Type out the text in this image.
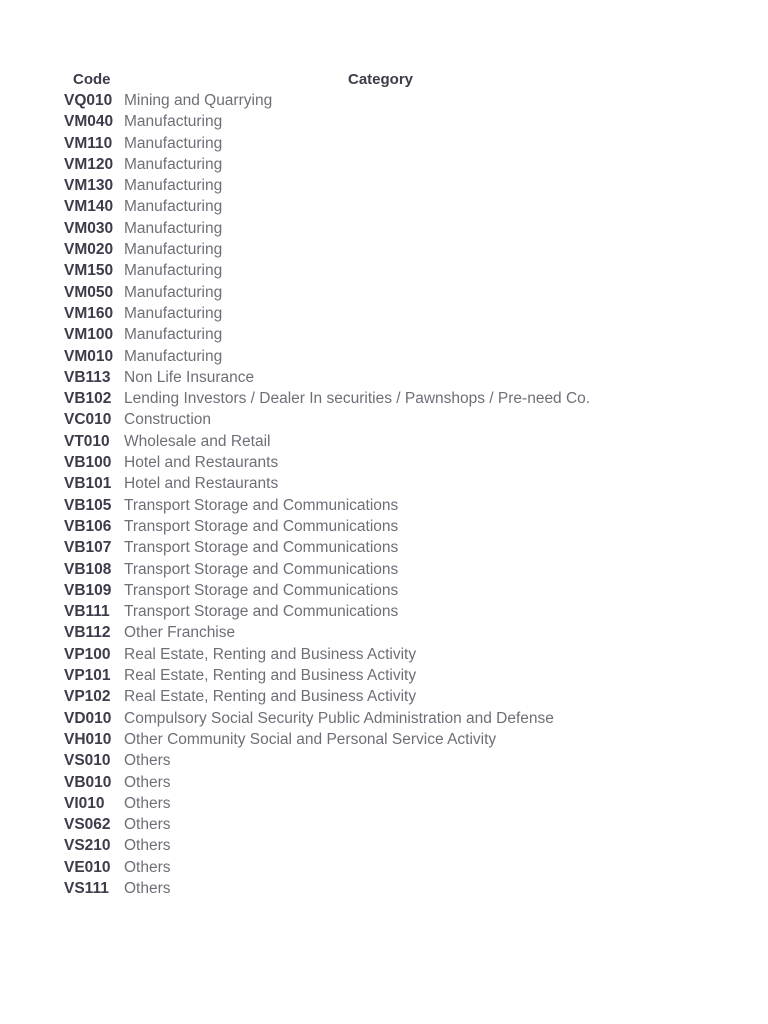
Code	Category
VQ010 Mining and Quarrying
VM040 Manufacturing
VM110 Manufacturing
VM120 Manufacturing
VM130 Manufacturing
VM140 Manufacturing
VM030 Manufacturing
VM020 Manufacturing
VM150 Manufacturing
VM050 Manufacturing
VM160 Manufacturing
VM100 Manufacturing
VM010 Manufacturing
VB113 Non Life Insurance
VB102 Lending Investors / Dealer In securities / Pawnshops / Pre-need Co.
VC010 Construction
VT010 Wholesale and Retail
VB100 Hotel and Restaurants
VB101 Hotel and Restaurants
VB105 Transport Storage and Communications
VB106 Transport Storage and Communications
VB107 Transport Storage and Communications
VB108 Transport Storage and Communications
VB109 Transport Storage and Communications
VB111 Transport Storage and Communications
VB112 Other Franchise
VP100 Real Estate, Renting and Business Activity
VP101 Real Estate, Renting and Business Activity
VP102 Real Estate, Renting and Business Activity
VD010 Compulsory Social Security Public Administration and Defense
VH010 Other Community Social and Personal Service Activity
VS010 Others
VB010 Others
VI010 Others
VS062 Others
VS210 Others
VE010 Others
VS111 Others
